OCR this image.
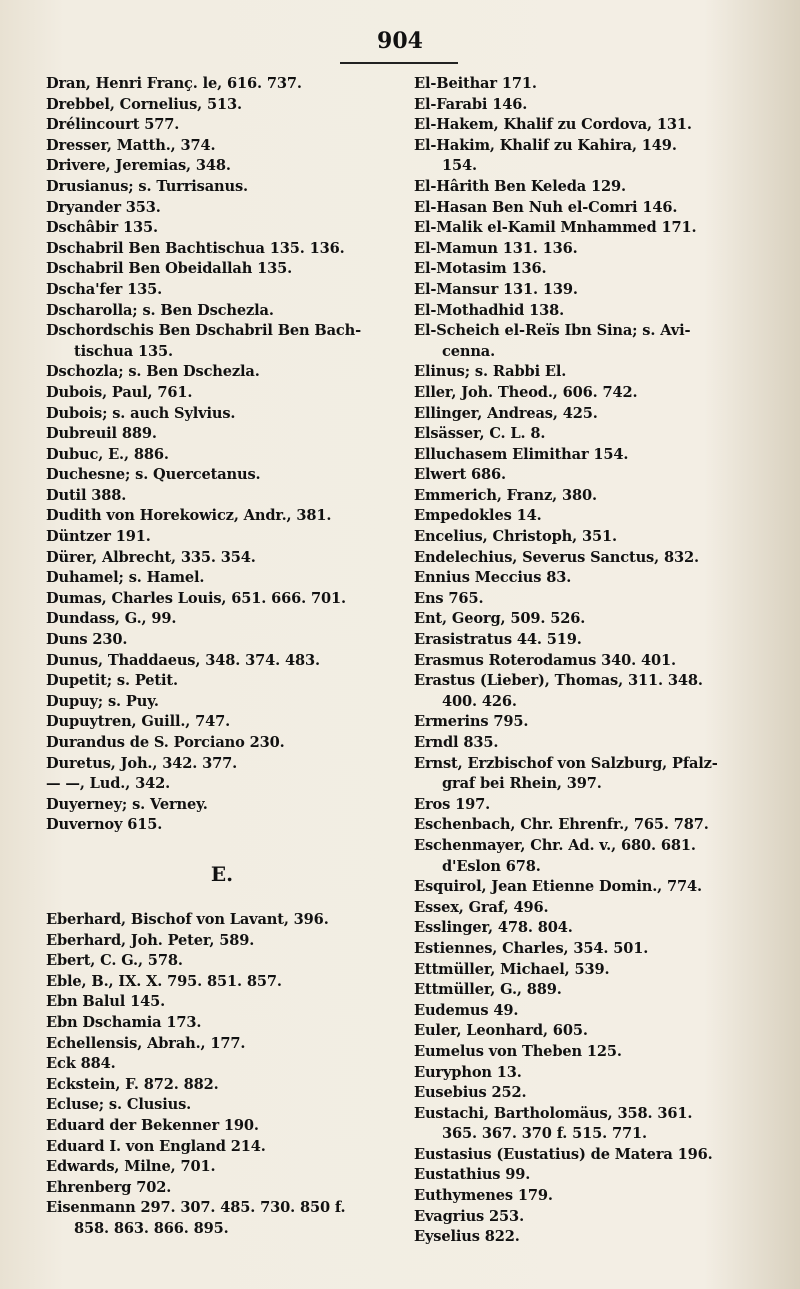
904
Dran, Henri Franç. le, 616. 737.
Drebbel, Cornelius, 513.
Drélincourt 577.
Dresser, Matth., 374.
Drivere, Jeremias, 348.
Drusianus; s. Turrisanus.
Dryander 353.
Dschâbir 135.
Dschabril Ben Bachtischua 135. 136.
Dschabril Ben Obeidallah 135.
Dscha'fer 135.
Dscharolla; s. Ben Dschezla.
Dschordschis Ben Dschabril Ben Bach-
tischua 135.
Dschozla; s. Ben Dschezla.
Dubois, Paul, 761.
Dubois; s. auch Sylvius.
Dubreuil 889.
Dubuc, E., 886.
Duchesne; s. Quercetanus.
Dutil 388.
Dudith von Horekowicz, Andr., 381.
Düntzer 191.
Dürer, Albrecht, 335. 354.
Duhamel; s. Hamel.
Dumas, Charles Louis, 651. 666. 701.
Dundass, G., 99.
Duns 230.
Dunus, Thaddaeus, 348. 374. 483.
Dupetit; s. Petit.
Dupuy; s. Puy.
Dupuytren, Guill., 747.
Durandus de S. Porciano 230.
Duretus, Joh., 342. 377.
— —, Lud., 342.
Duyerney; s. Verney.
Duvernoy 615.
E.
Eberhard, Bischof von Lavant, 396.
Eberhard, Joh. Peter, 589.
Ebert, C. G., 578.
Eble, B., IX. X. 795. 851. 857.
Ebn Balul 145.
Ebn Dschamia 173.
Echellensis, Abrah., 177.
Eck 884.
Eckstein, F. 872. 882.
Ecluse; s. Clusius.
Eduard der Bekenner 190.
Eduard I. von England 214.
Edwards, Milne, 701.
Ehrenberg 702.
Eisenmann 297. 307. 485. 730. 850 f.
858. 863. 866. 895.
El-Beithar 171.
El-Farabi 146.
El-Hakem, Khalif zu Cordova, 131.
El-Hakim, Khalif zu Kahira, 149.
154.
El-Hârith Ben Keleda 129.
El-Hasan Ben Nuh el-Comri 146.
El-Malik el-Kamil Mnhammed 171.
El-Mamun 131. 136.
El-Motasim 136.
El-Mansur 131. 139.
El-Mothadhid 138.
El-Scheich el-Reïs Ibn Sina; s. Avi-
cenna.
Elinus; s. Rabbi El.
Eller, Joh. Theod., 606. 742.
Ellinger, Andreas, 425.
Elsässer, C. L. 8.
Elluchasem Elimithar 154.
Elwert 686.
Emmerich, Franz, 380.
Empedokles 14.
Encelius, Christoph, 351.
Endelechius, Severus Sanctus, 832.
Ennius Meccius 83.
Ens 765.
Ent, Georg, 509. 526.
Erasistratus 44. 519.
Erasmus Roterodamus 340. 401.
Erastus (Lieber), Thomas, 311. 348.
400. 426.
Ermerins 795.
Erndl 835.
Ernst, Erzbischof von Salzburg, Pfalz-
graf bei Rhein, 397.
Eros 197.
Eschenbach, Chr. Ehrenfr., 765. 787.
Eschenmayer, Chr. Ad. v., 680. 681.
d'Eslon 678.
Esquirol, Jean Etienne Domin., 774.
Essex, Graf, 496.
Esslinger, 478. 804.
Estiennes, Charles, 354. 501.
Ettmüller, Michael, 539.
Ettmüller, G., 889.
Eudemus 49.
Euler, Leonhard, 605.
Eumelus von Theben 125.
Euryphon 13.
Eusebius 252.
Eustachi, Bartholomäus, 358. 361.
365. 367. 370 f. 515. 771.
Eustasius (Eustatius) de Matera 196.
Eustathius 99.
Euthymenes 179.
Evagrius 253.
Eyselius 822.
